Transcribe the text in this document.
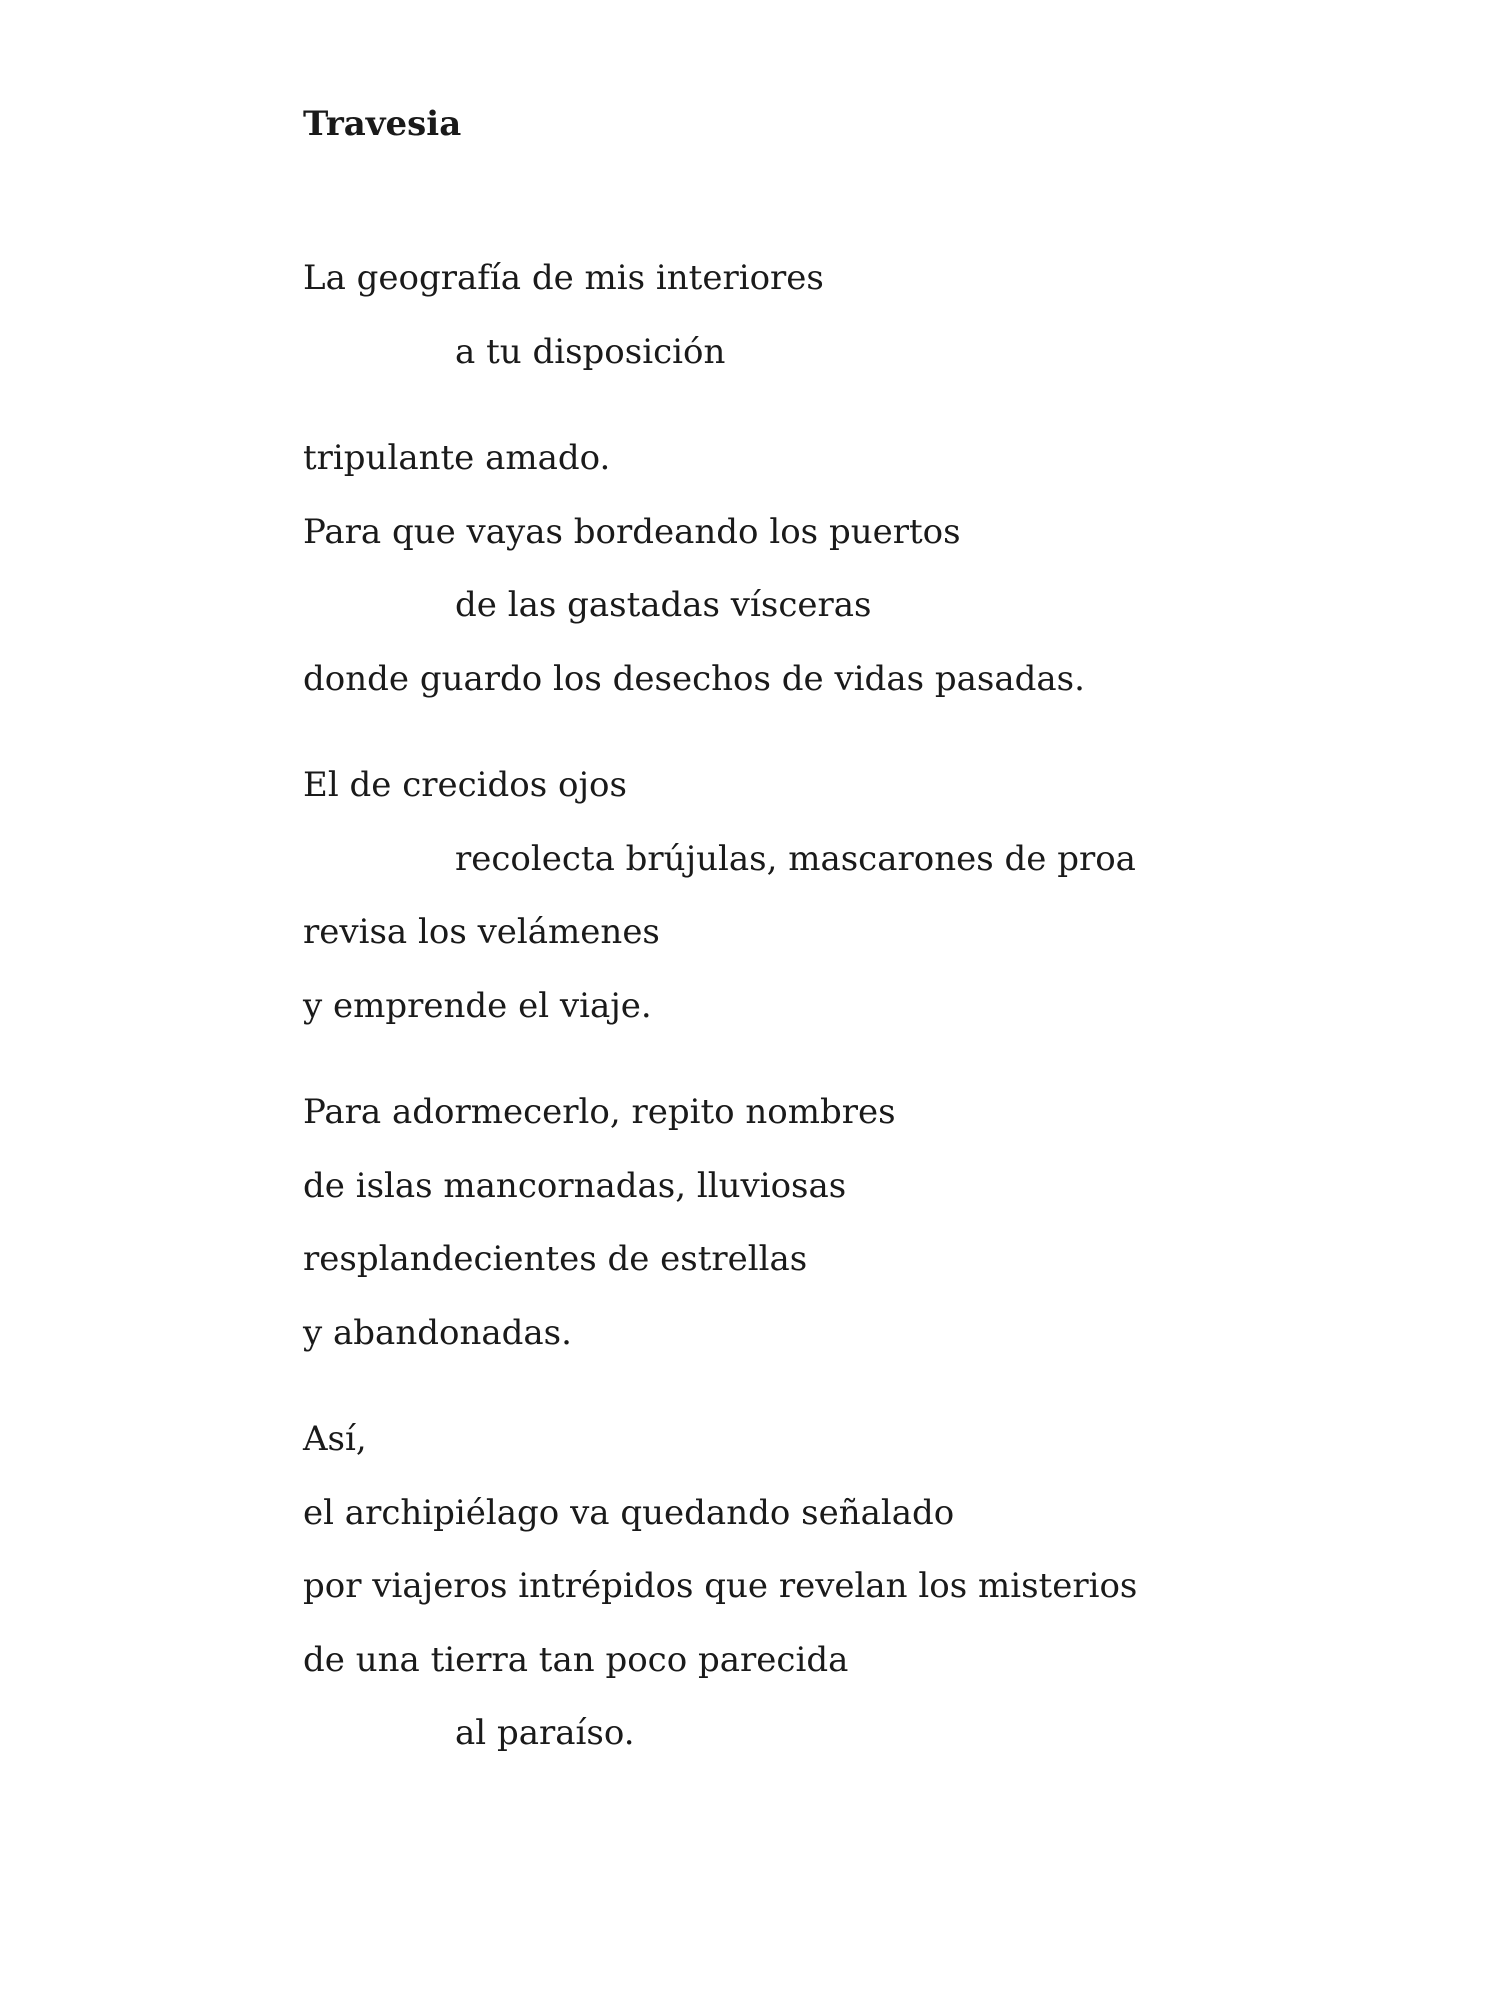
Travesia
La geografía de mis interiores
a tu disposición
tripulante amado.
Para que vayas bordeando los puertos
de las gastadas vísceras
donde guardo los desechos de vidas pasadas.
El de crecidos ojos
recolecta brújulas, mascarones de proa
revisa los velámenes
y emprende el viaje.
Para adormecerlo, repito nombres
de islas mancornadas, lluviosas
resplandecientes de estrellas
y abandonadas.
Así,
el archipiélago va quedando señalado
por viajeros intrépidos que revelan los misterios
de una tierra tan poco parecida
al paraíso.
